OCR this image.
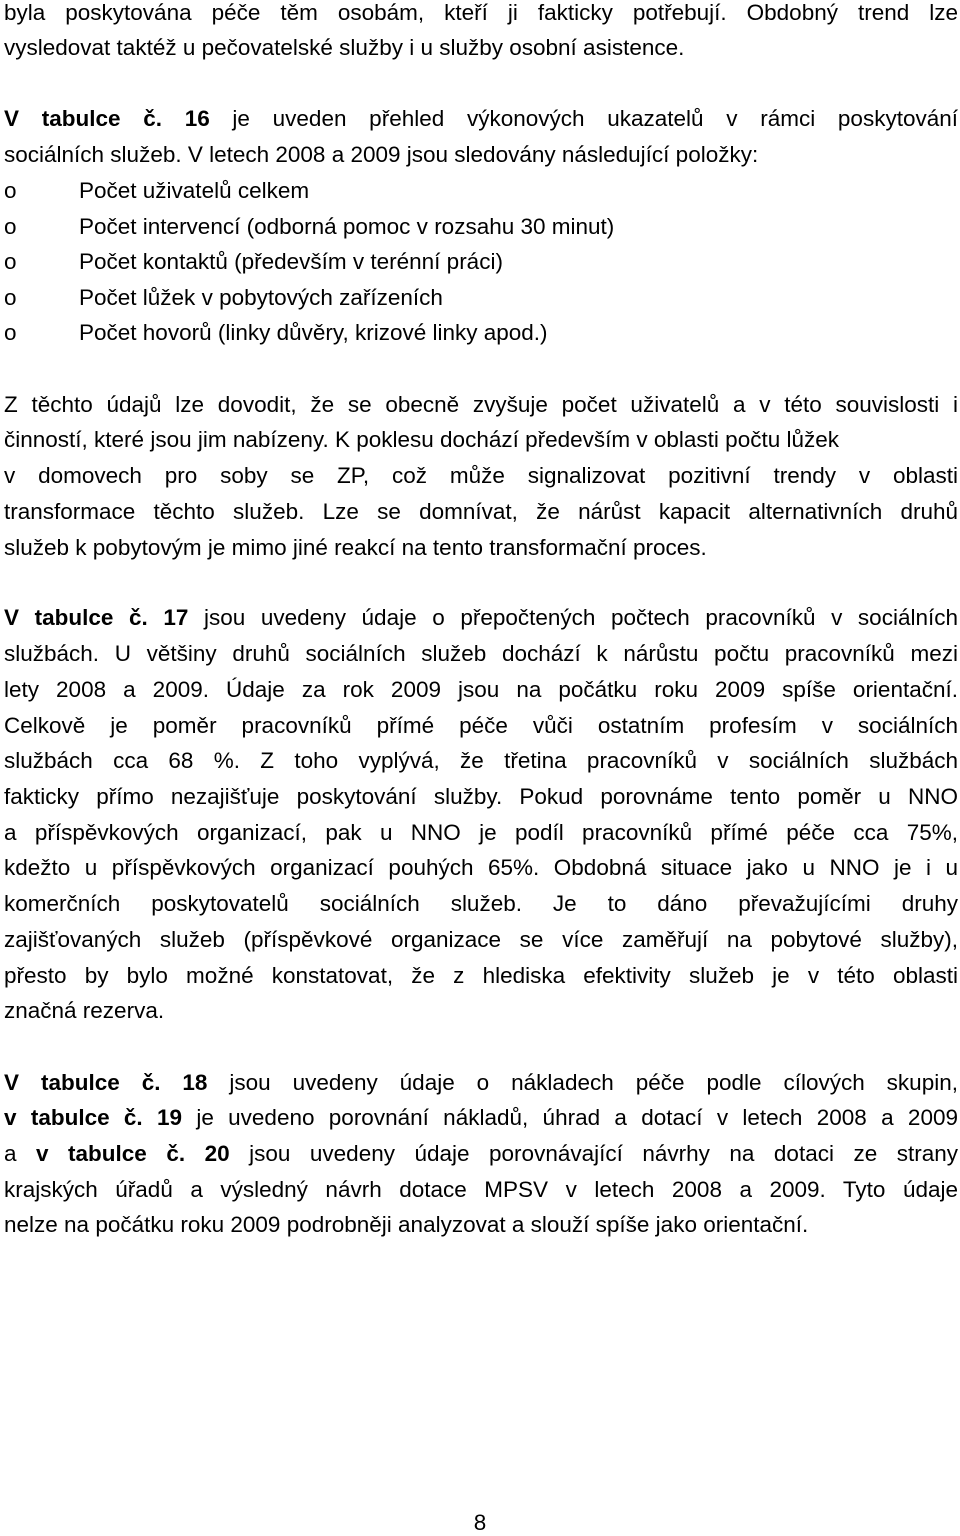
byla poskytována péče těm osobám, kteří ji fakticky potřebují. Obdobný trend lze
vysledovat taktéž u pečovatelské služby i u služby osobní asistence.
V tabulce č. 16 je uveden přehled výkonových ukazatelů v rámci poskytování
sociálních služeb. V letech 2008 a 2009 jsou sledovány následující položky:
o	Počet uživatelů celkem
o	Počet intervencí (odborná pomoc v rozsahu 30 minut)
o	Počet kontaktů (především v terénní práci)
o	Počet lůžek v pobytových zařízeních
o	Počet hovorů (linky důvěry, krizové linky apod.)
Z těchto údajů lze dovodit, že se obecně zvyšuje počet uživatelů a v této souvislosti i
činností, které jsou jim nabízeny. K poklesu dochází především v oblasti počtu lůžek
v domovech pro soby se ZP, což může signalizovat pozitivní trendy v oblasti
transformace těchto služeb. Lze se domnívat, že nárůst kapacit alternativních druhů
služeb k pobytovým je mimo jiné reakcí na tento transformační proces.
V tabulce č. 17 jsou uvedeny údaje o přepočtených počtech pracovníků v sociálních
službách. U většiny druhů sociálních služeb dochází k nárůstu počtu pracovníků mezi
lety 2008 a 2009. Údaje za rok 2009 jsou na počátku roku 2009 spíše orientační.
Celkově je poměr pracovníků přímé péče vůči ostatním profesím v sociálních
službách cca 68 %. Z toho vyplývá, že třetina pracovníků v sociálních službách
fakticky přímo nezajišťuje poskytování služby. Pokud porovnáme tento poměr u NNO
a příspěvkových organizací, pak u NNO je podíl pracovníků přímé péče cca 75%,
kdežto u příspěvkových organizací pouhých 65%. Obdobná situace jako u NNO je i u
komerčních poskytovatelů sociálních služeb. Je to dáno převažujícími druhy
zajišťovaných služeb (příspěvkové organizace se více zaměřují na pobytové služby),
přesto by bylo možné konstatovat, že z hlediska efektivity služeb je v této oblasti
značná rezerva.
V tabulce č. 18 jsou uvedeny údaje o nákladech péče podle cílových skupin,
v tabulce č. 19 je uvedeno porovnání nákladů, úhrad a dotací v letech 2008 a 2009
a v tabulce č. 20 jsou uvedeny údaje porovnávající návrhy na dotaci ze strany
krajských úřadů a výsledný návrh dotace MPSV v letech 2008 a 2009. Tyto údaje
nelze na počátku roku 2009 podrobněji analyzovat a slouží spíše jako orientační.
8
